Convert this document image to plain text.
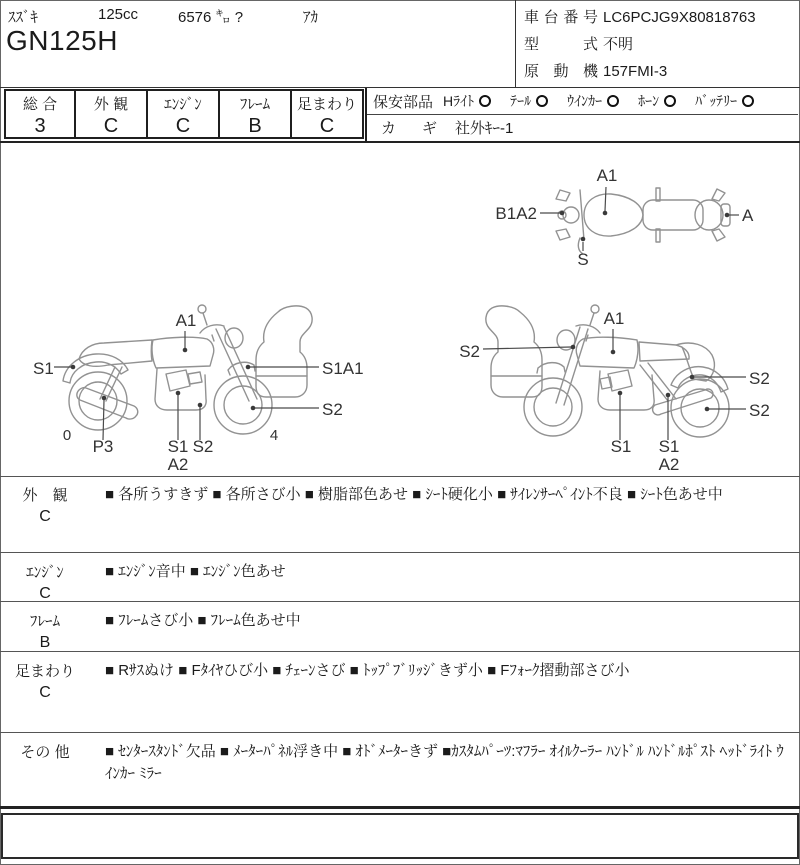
ｽｽﾞｷ	125cc	6576 ㌔ ?	ｱｶ
GN125H
車台番号 LC6PCJG9X80818763
型　式 不明
原 動 機 157FMI-3
総 合
3
外 観
C
ｴﾝｼﾞﾝ
C
ﾌﾚｰﾑ
B
足まわり
C
保安部品 Hﾗｲﾄ	ﾃｰﾙ	ｳｲﾝｶｰ	ﾎｰﾝ	ﾊﾞｯﾃﾘｰ
カ　ギ 社外ｷｰ-1
B1A2
A1
A
S
S1
A1
S1A1
S2
0
P3	S1 S2
A2
4
S2
A1
S2
S2
S1 S1
A2
外　観
C
■ 各所うすきず ■ 各所さび小 ■ 樹脂部色あせ ■ ｼｰﾄ硬化小 ■ ｻｲﾚﾝｻｰﾍﾟｲﾝﾄ不良 ■ ｼｰﾄ色あせ中
ｴﾝｼﾞﾝ
C
■ ｴﾝｼﾞﾝ音中 ■ ｴﾝｼﾞﾝ色あせ
ﾌﾚｰﾑ
B
■ ﾌﾚｰﾑさび小 ■ ﾌﾚｰﾑ色あせ中
足まわり
C
■ Rｻｽぬけ ■ Fﾀｲﾔひび小 ■ ﾁｪｰﾝさび ■ ﾄｯﾌﾟﾌﾞﾘｯｼﾞきず小 ■ Fﾌｫｰｸ摺動部さび小
その 他	■ ｾﾝﾀｰｽﾀﾝﾄﾞ欠品 ■ ﾒｰﾀｰﾊﾟﾈﾙ浮き中 ■ ｵﾄﾞﾒｰﾀｰきず ■ｶｽﾀﾑﾊﾟｰﾂ:ﾏﾌﾗｰ ｵｲﾙｸｰﾗｰ ﾊﾝﾄﾞﾙ ﾊﾝﾄﾞﾙﾎﾟｽﾄ ﾍｯﾄﾞﾗｲﾄ ｳｲﾝｶｰ ﾐﾗｰ
